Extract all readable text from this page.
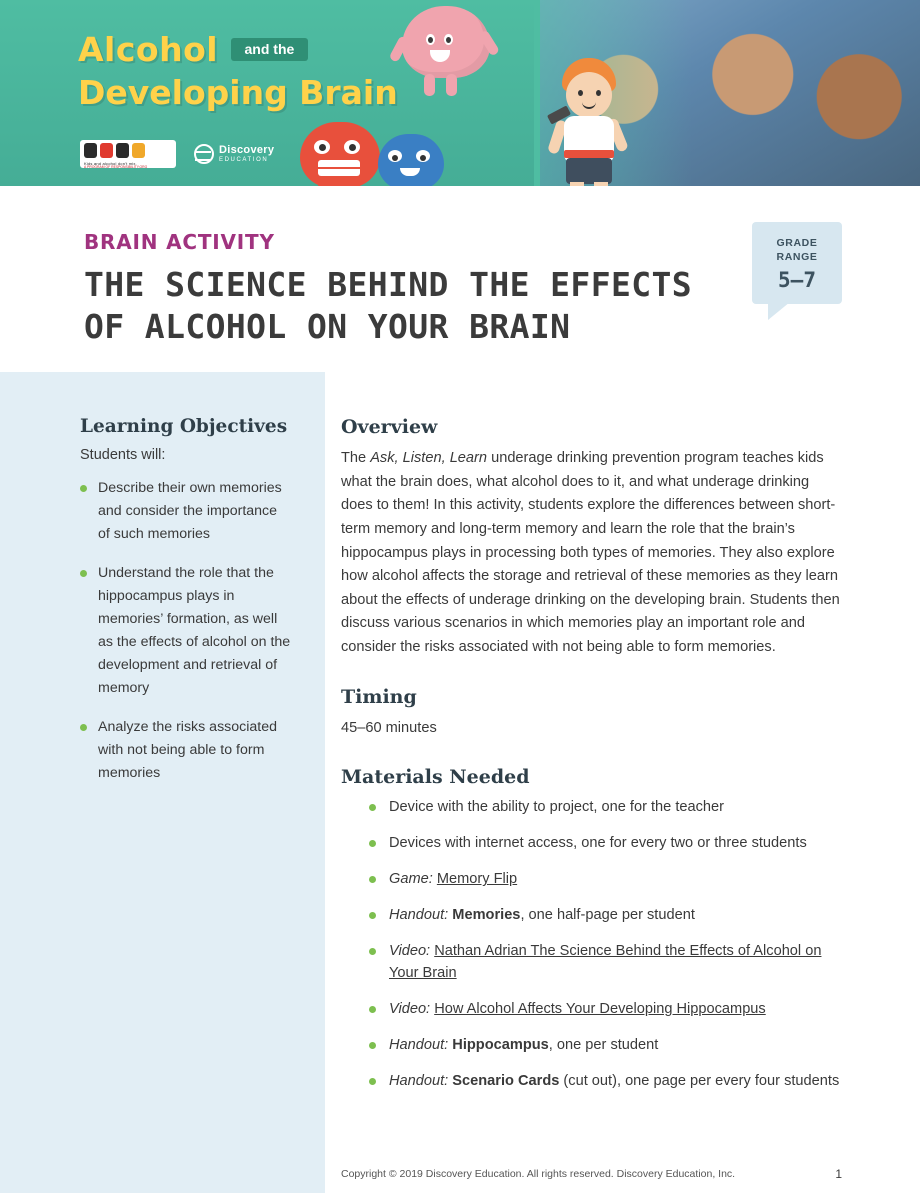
Alcohol and the
Developing Brain
Kids and alcohol don't mix.
A PROGRAM OF RESPONSIBILITY.ORG
Discovery
EDUCATION
BRAIN ACTIVITY
THE SCIENCE BEHIND THE EFFECTS OF ALCOHOL ON YOUR BRAIN
GRADE RANGE
5–7
Learning Objectives

Students will:

Describe their own memories and consider the importance of such memories
Understand the role that the hippocampus plays in memories’ formation, as well as the effects of alcohol on the development and retrieval of memory
Analyze the risks associated with not being able to form memories
Overview

The Ask, Listen, Learn underage drinking prevention program teaches kids what the brain does, what alcohol does to it, and what underage drinking does to them! In this activity, students explore the differences between short-term memory and long-term memory and learn the role that the brain’s hippocampus plays in processing both types of memories. They also explore how alcohol affects the storage and retrieval of these memories as they learn about the effects of underage drinking on the developing brain. Students then discuss various scenarios in which memories play an important role and consider the risks associated with not being able to form memories.

Timing

45–60 minutes

Materials Needed
Device with the ability to project, one for the teacher
Devices with internet access, one for every two or three students
Game: Memory Flip
Handout: Memories, one half-page per student
Video: Nathan Adrian The Science Behind the Effects of Alcohol on Your Brain
Video: How Alcohol Affects Your Developing Hippocampus
Handout: Hippocampus, one per student
Handout: Scenario Cards (cut out), one page per every four students
Copyright © 2019 Discovery Education. All rights reserved. Discovery Education, Inc.	1
